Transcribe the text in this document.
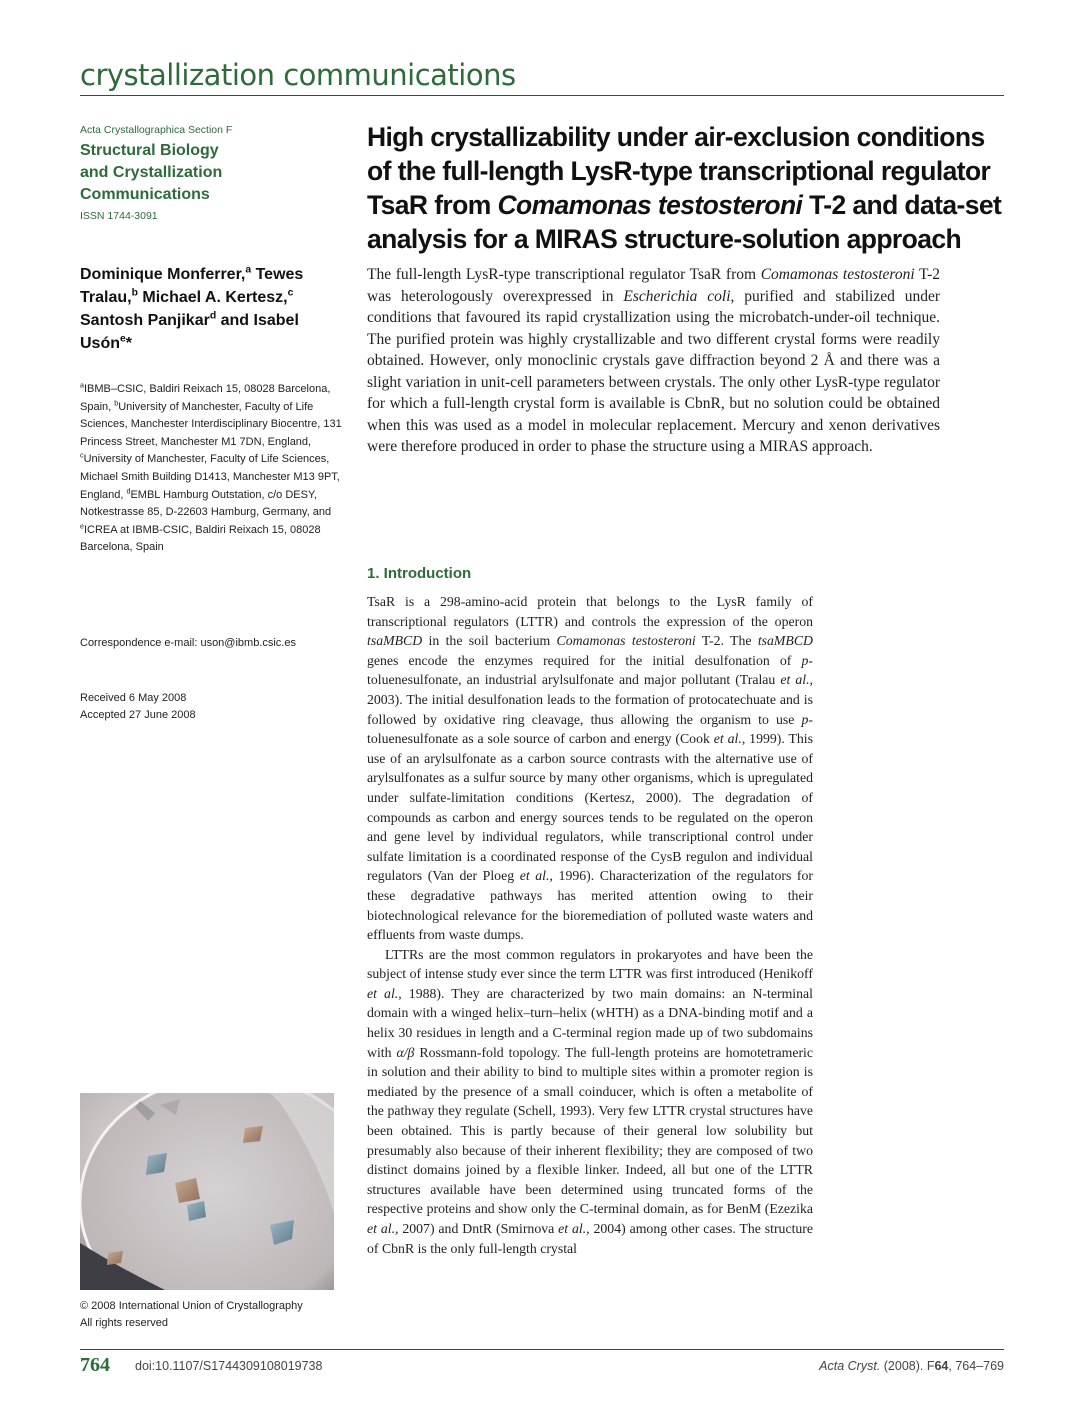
crystallization communications
Acta Crystallographica Section F
Structural Biology
and Crystallization
Communications
ISSN 1744-3091
High crystallizability under air-exclusion conditions
of the full-length LysR-type transcriptional regulator
TsaR from Comamonas testosteroni T-2 and data-set
analysis for a MIRAS structure-solution approach
Dominique Monferrer,$^a$ Tewes Tralau,$^b$ Michael A. Kertesz,$^c$ Santosh Panjikar$^d$ and Isabel Usón$^e$*
$^a$IBMB–CSIC, Baldiri Reixach 15, 08028 Barcelona, Spain, $^b$University of Manchester, Faculty of Life Sciences, Manchester Interdisciplinary Biocentre, 131 Princess Street, Manchester M1 7DN, England, $^c$University of Manchester, Faculty of Life Sciences, Michael Smith Building D1413, Manchester M13 9PT, England, $^d$EMBL Hamburg Outstation, c/o DESY, Notkestrasse 85, D-22603 Hamburg, Germany, and $^e$ICREA at IBMB-CSIC, Baldiri Reixach 15, 08028 Barcelona, Spain
Correspondence e-mail: uson@ibmb.csic.es
Received 6 May 2008
Accepted 27 June 2008
The full-length LysR-type transcriptional regulator TsaR from Comamonas testosteroni T-2 was heterologously overexpressed in Escherichia coli, purified and stabilized under conditions that favoured its rapid crystallization using the microbatch-under-oil technique. The purified protein was highly crystallizable and two different crystal forms were readily obtained. However, only monoclinic crystals gave diffraction beyond 2 Å and there was a slight variation in unit-cell parameters between crystals. The only other LysR-type regulator for which a full-length crystal form is available is CbnR, but no solution could be obtained when this was used as a model in molecular replacement. Mercury and xenon derivatives were therefore produced in order to phase the structure using a MIRAS approach.
1. Introduction

TsaR is a 298-amino-acid protein that belongs to the LysR family of transcriptional regulators (LTTR) and controls the expression of the operon tsaMBCD in the soil bacterium Comamonas testosteroni T-2. The tsaMBCD genes encode the enzymes required for the initial desulfonation of p-toluenesulfonate, an industrial arylsulfonate and major pollutant (Tralau et al., 2003). The initial desulfonation leads to the formation of protocatechuate and is followed by oxidative ring cleavage, thus allowing the organism to use p-toluenesulfonate as a sole source of carbon and energy (Cook et al., 1999). This use of an arylsulfonate as a carbon source contrasts with the alternative use of arylsulfonates as a sulfur source by many other organisms, which is upregulated under sulfate-limitation conditions (Kertesz, 2000). The degradation of compounds as carbon and energy sources tends to be regulated on the operon and gene level by individual regulators, while transcriptional control under sulfate limitation is a coordinated response of the CysB regulon and individual regulators (Van der Ploeg et al., 1996). Characterization of the regulators for these degradative pathways has merited attention owing to their biotechnological relevance for the bioremediation of polluted waste waters and effluents from waste dumps.

LTTRs are the most common regulators in prokaryotes and have been the subject of intense study ever since the term LTTR was first introduced (Henikoff et al., 1988). They are characterized by two main domains: an N-terminal domain with a winged helix–turn–helix (wHTH) as a DNA-binding motif and a helix 30 residues in length and a C-terminal region made up of two subdomains with α/β Rossmann-fold topology. The full-length proteins are homotetrameric in solution and their ability to bind to multiple sites within a promoter region is mediated by the presence of a small coinducer, which is often a metabolite of the pathway they regulate (Schell, 1993). Very few LTTR crystal structures have been obtained. This is partly because of their general low solubility but presumably also because of their inherent flexibility; they are composed of two distinct domains joined by a flexible linker. Indeed, all but one of the LTTR structures available have been determined using truncated forms of the respective proteins and show only the C-terminal domain, as for BenM (Ezezika et al., 2007) and DntR (Smirnova et al., 2004) among other cases. The structure of CbnR is the only full-length crystal

© 2008 International Union of Crystallography
All rights reserved
764 doi:10.1107/S1744309108019738	Acta Cryst. (2008). F64, 764–769
